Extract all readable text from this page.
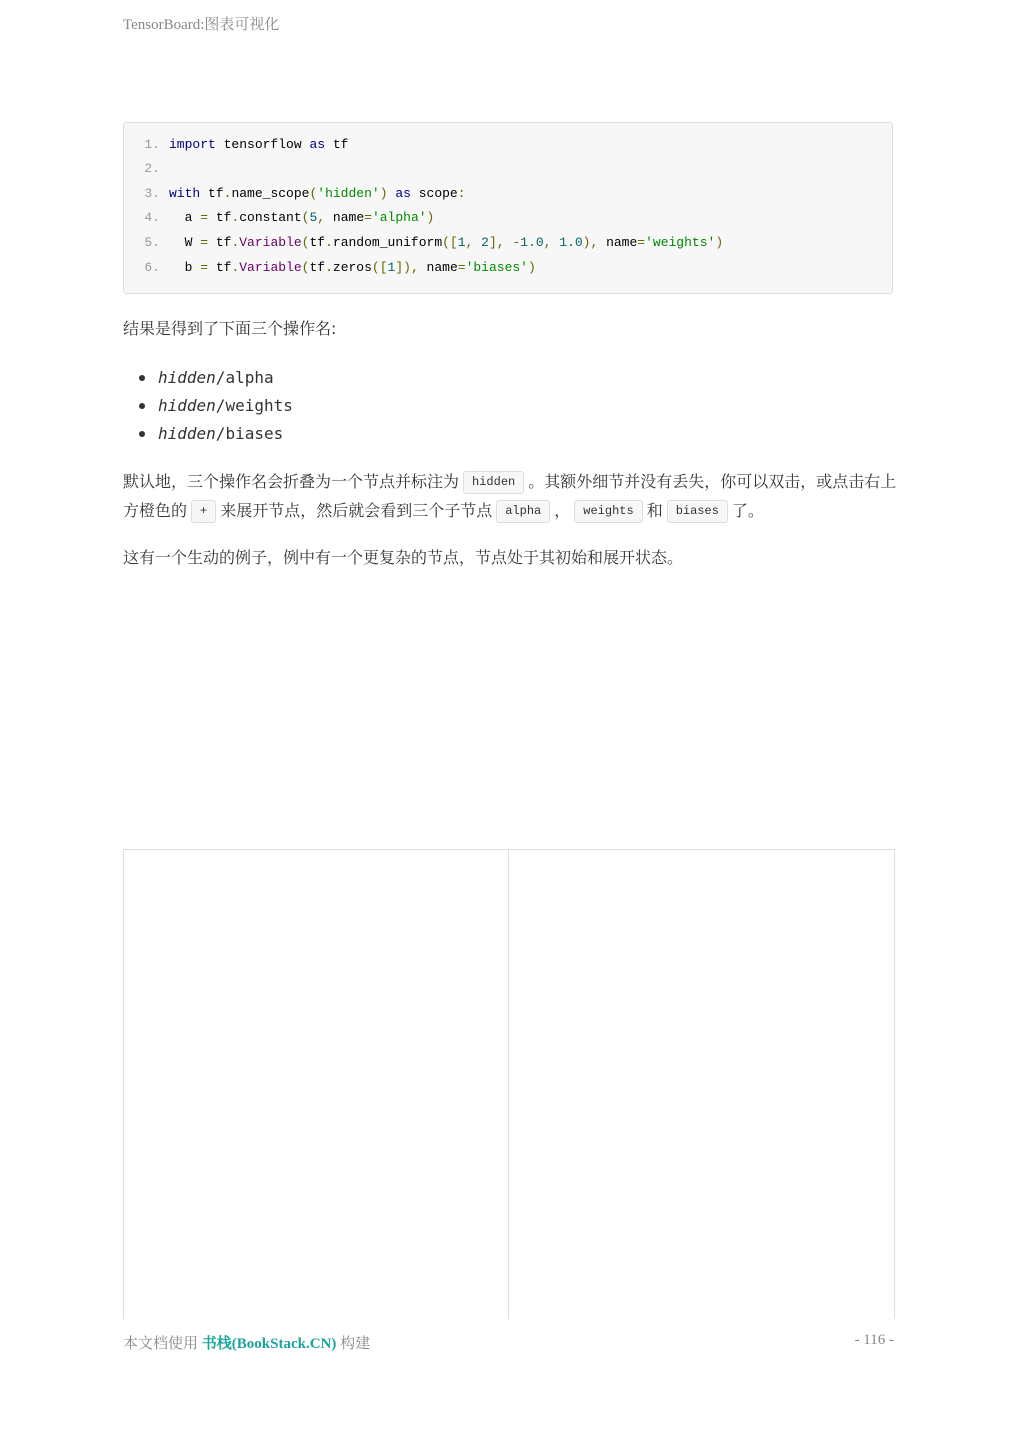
TensorBoard:图表可视化
1. import tensorflow as tf
2.
3. with tf.name_scope('hidden') as scope:
4.  a = tf.constant(5, name='alpha')
5.  W = tf.Variable(tf.random_uniform([1, 2], -1.0, 1.0), name='weights')
6.  b = tf.Variable(tf.zeros([1]), name='biases')
结果是得到了下面三个操作名:
hidden/alpha
hidden/weights
hidden/biases
默认地，三个操作名会折叠为一个节点并标注为 hidden 。其额外细节并没有丢失，你可以双击，或点击右上方橙色的 + 来展开节点，然后就会看到三个子节点 alpha ， weights 和 biases 了。
这有一个生动的例子，例中有一个更复杂的节点，节点处于其初始和展开状态。
本文档使用 书栈(BookStack.CN) 构建	- 116 -
